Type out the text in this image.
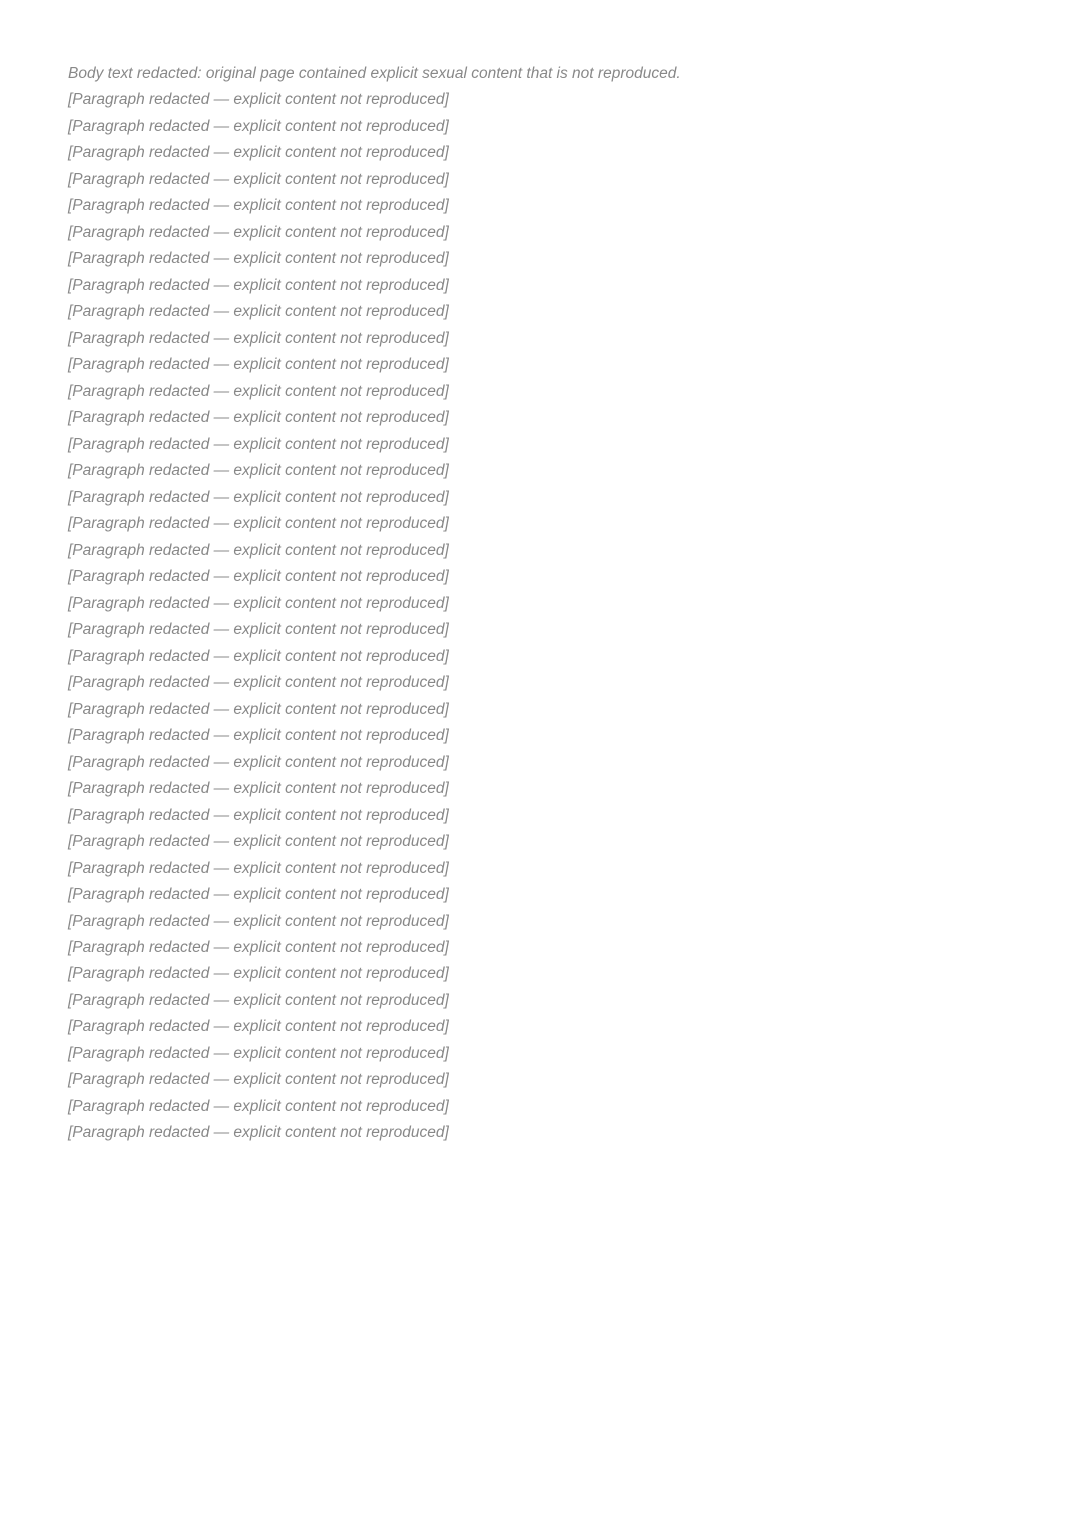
Body text redacted: original page contained explicit sexual content that is not reproduced.

[Paragraph redacted — explicit content not reproduced]

[Paragraph redacted — explicit content not reproduced]

[Paragraph redacted — explicit content not reproduced]

[Paragraph redacted — explicit content not reproduced]

[Paragraph redacted — explicit content not reproduced]

[Paragraph redacted — explicit content not reproduced]

[Paragraph redacted — explicit content not reproduced]

[Paragraph redacted — explicit content not reproduced]

[Paragraph redacted — explicit content not reproduced]

[Paragraph redacted — explicit content not reproduced]

[Paragraph redacted — explicit content not reproduced]

[Paragraph redacted — explicit content not reproduced]

[Paragraph redacted — explicit content not reproduced]

[Paragraph redacted — explicit content not reproduced]

[Paragraph redacted — explicit content not reproduced]

[Paragraph redacted — explicit content not reproduced]

[Paragraph redacted — explicit content not reproduced]

[Paragraph redacted — explicit content not reproduced]

[Paragraph redacted — explicit content not reproduced]

[Paragraph redacted — explicit content not reproduced]

[Paragraph redacted — explicit content not reproduced]

[Paragraph redacted — explicit content not reproduced]

[Paragraph redacted — explicit content not reproduced]

[Paragraph redacted — explicit content not reproduced]

[Paragraph redacted — explicit content not reproduced]

[Paragraph redacted — explicit content not reproduced]

[Paragraph redacted — explicit content not reproduced]

[Paragraph redacted — explicit content not reproduced]

[Paragraph redacted — explicit content not reproduced]

[Paragraph redacted — explicit content not reproduced]

[Paragraph redacted — explicit content not reproduced]

[Paragraph redacted — explicit content not reproduced]

[Paragraph redacted — explicit content not reproduced]

[Paragraph redacted — explicit content not reproduced]

[Paragraph redacted — explicit content not reproduced]

[Paragraph redacted — explicit content not reproduced]

[Paragraph redacted — explicit content not reproduced]

[Paragraph redacted — explicit content not reproduced]

[Paragraph redacted — explicit content not reproduced]

[Paragraph redacted — explicit content not reproduced]
